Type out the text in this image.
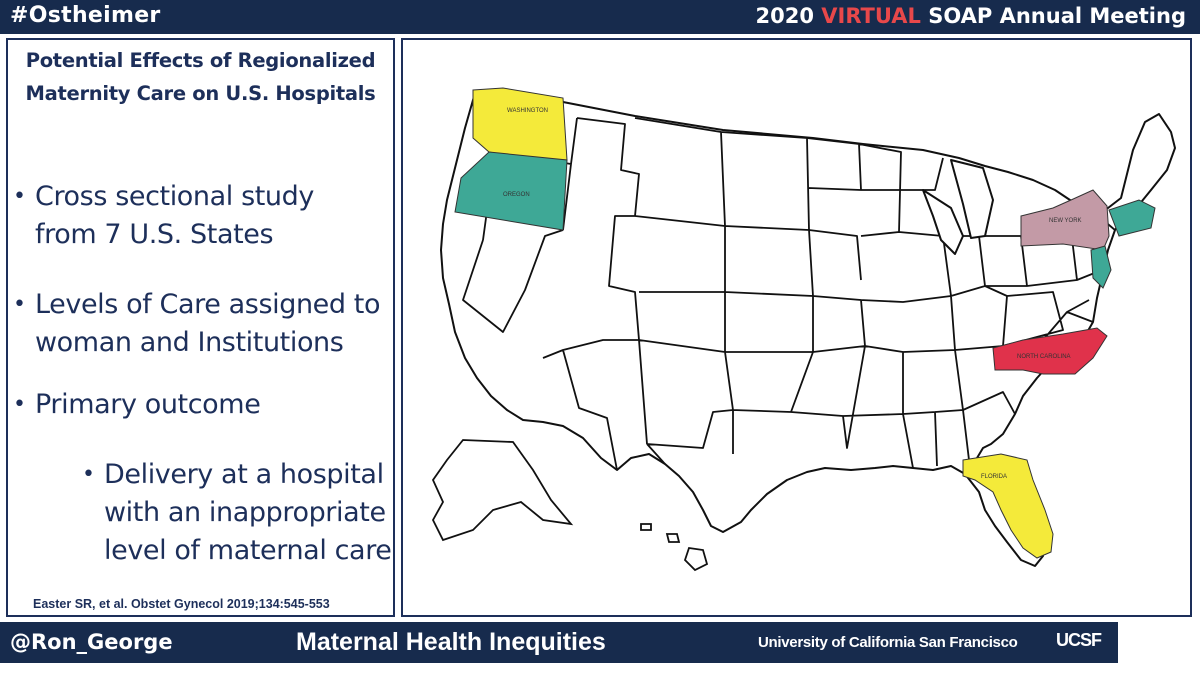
#Ostheimer	2020 VIRTUAL SOAP Annual Meeting
Potential Effects of Regionalized
Maternity Care on U.S. Hospitals
• Cross sectional study
from 7 U.S. States
• Levels of Care assigned to
woman and Institutions
• Primary outcome
• Delivery at a hospital
with an inappropriate
level of maternal care
Easter SR, et al. Obstet Gynecol 2019;134:545-553
WASHINGTON
OREGON
NEW YORK
NORTH CAROLINA
FLORIDA
@Ron_George	Maternal Health Inequities	University of California San Francisco UCSF
